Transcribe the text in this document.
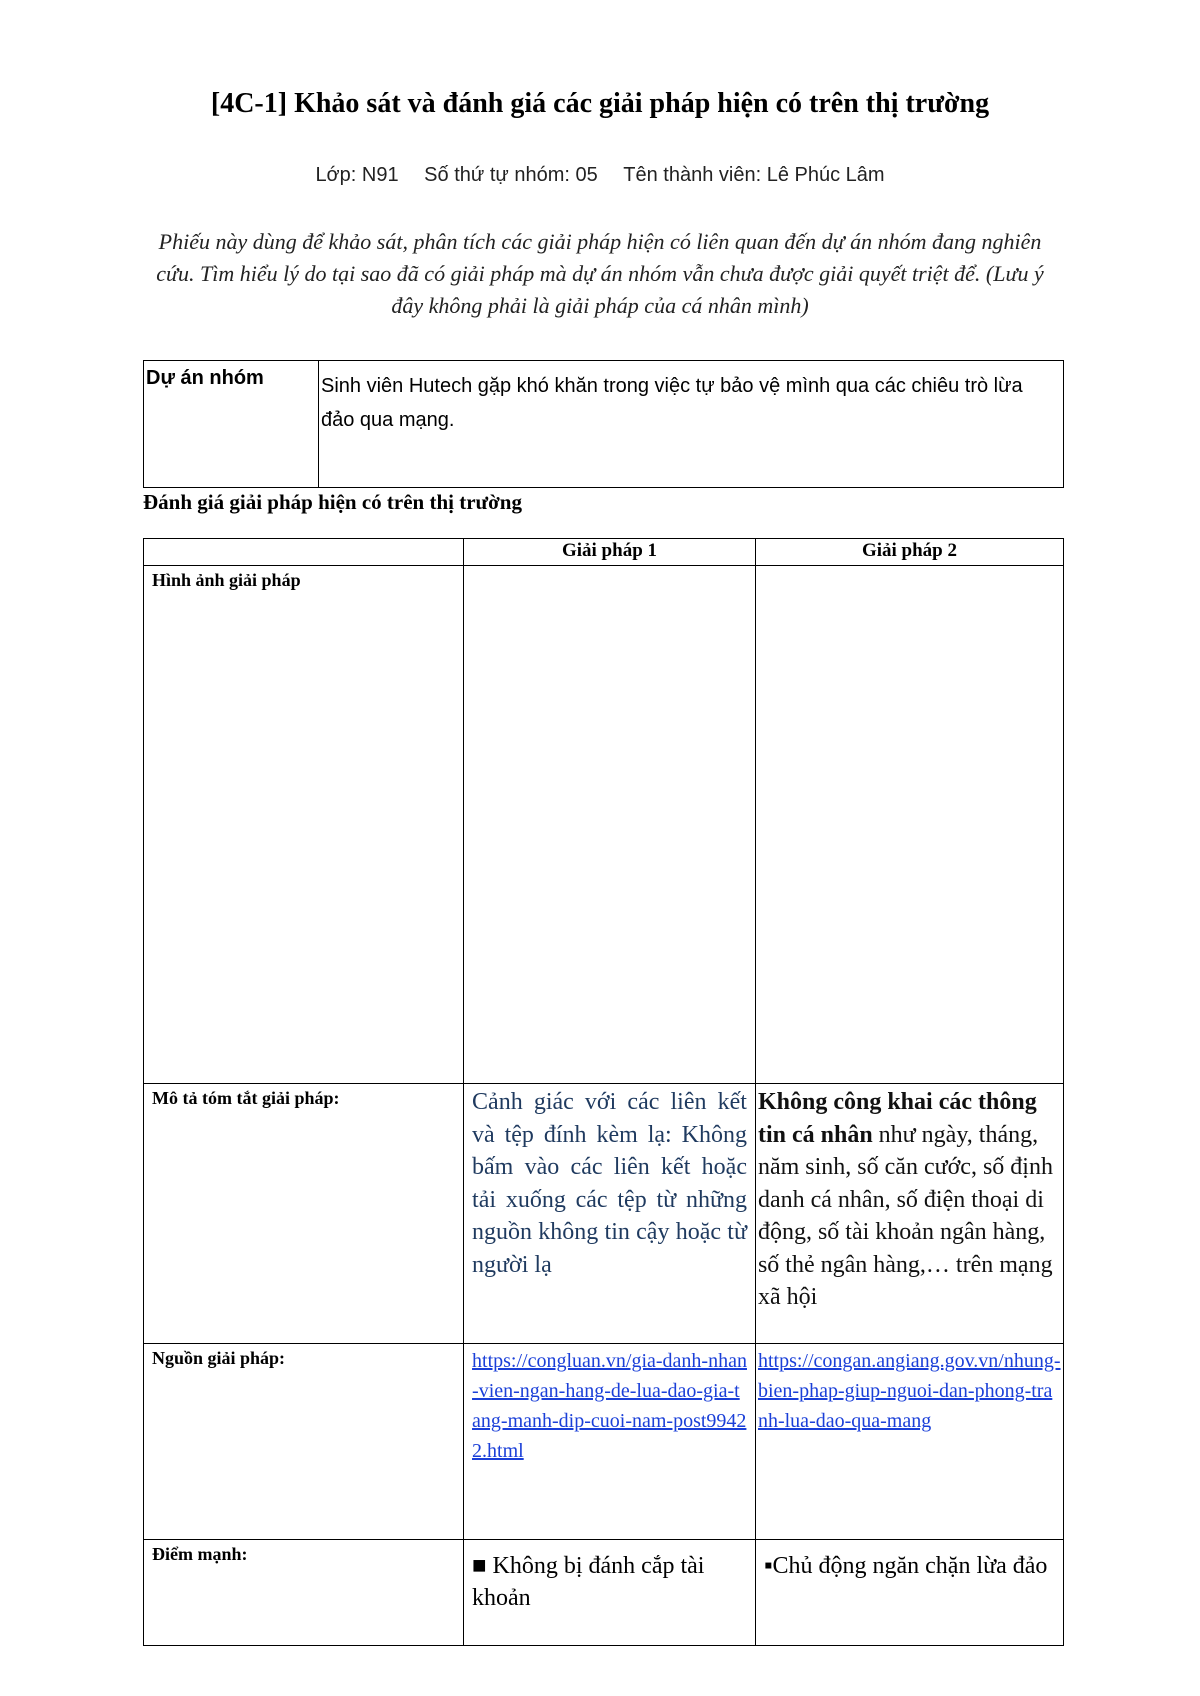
[4C-1] Khảo sát và đánh giá các giải pháp hiện có trên thị trường
Lớp: N91 Số thứ tự nhóm: 05 Tên thành viên: Lê Phúc Lâm
Phiếu này dùng để khảo sát, phân tích các giải pháp hiện có liên quan đến dự án nhóm đang nghiên cứu. Tìm hiểu lý do tại sao đã có giải pháp mà dự án nhóm vẫn chưa được giải quyết triệt để. (Lưu ý đây không phải là giải pháp của cá nhân mình)
Dự án nhóm	Sinh viên Hutech gặp khó khăn trong việc tự bảo vệ mình qua các chiêu trò lừa đảo qua mạng.
Đánh giá giải pháp hiện có trên thị trường
	Giải pháp 1	Giải pháp 2
Hình ảnh giải pháp	

Mô tả tóm tắt giải pháp:	Cảnh giác với các liên kết và tệp đính kèm lạ: Không bấm vào các liên kết hoặc tải xuống các tệp từ những nguồn không tin cậy hoặc từ người lạ	Không công khai các thông tin cá nhân như ngày, tháng, năm sinh, số căn cước, số định danh cá nhân, số điện thoại di động, số tài khoản ngân hàng, số thẻ ngân hàng,… trên mạng xã hội
Nguồn giải pháp:	https://congluan.vn/gia-danh-nhan-vien-ngan-hang-de-lua-dao-gia-tang-manh-dip-cuoi-nam-post99422.html	https://congan.angiang.gov.vn/nhung-bien-phap-giup-nguoi-dan-phong-tranh-lua-dao-qua-mang
Điểm mạnh:	■ Không bị đánh cắp tài khoản	▪Chủ động ngăn chặn lừa đảo
